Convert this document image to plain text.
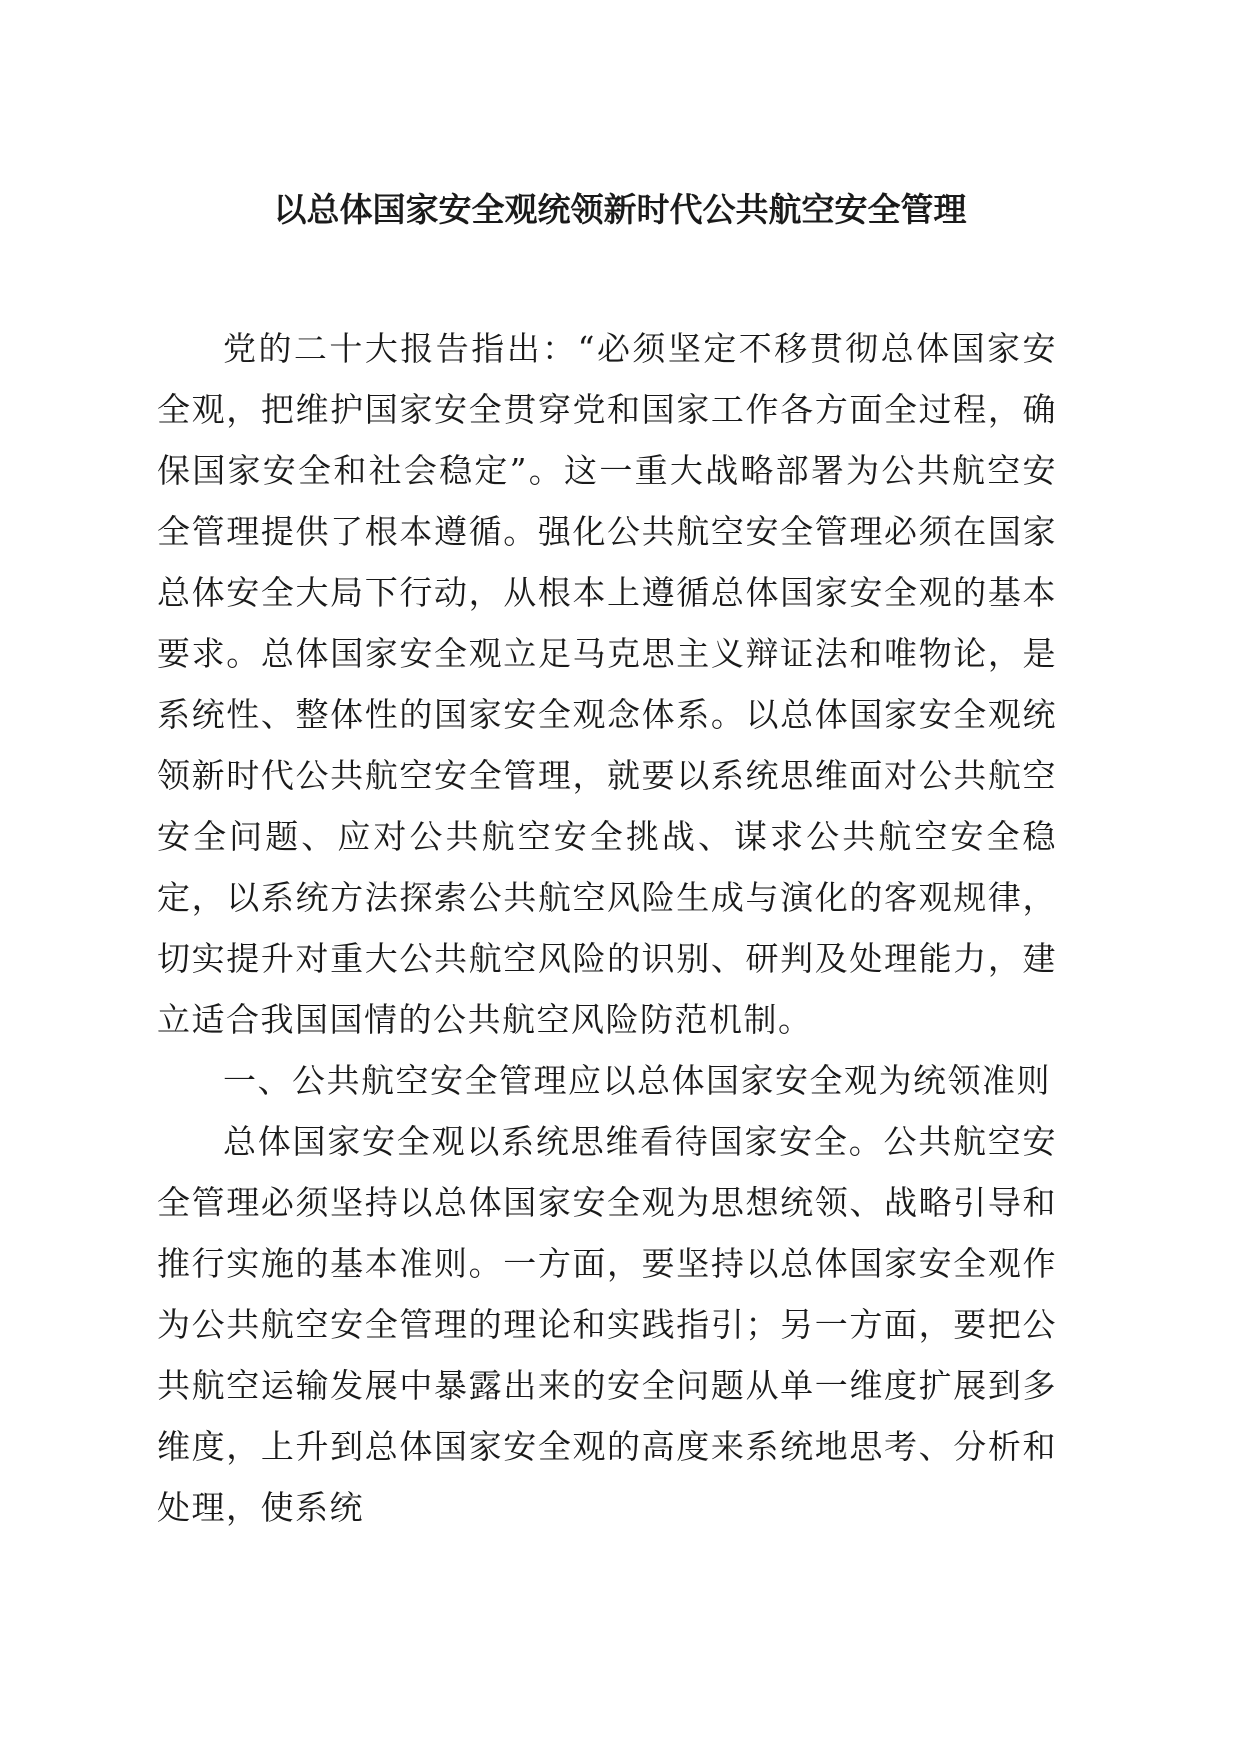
以总体国家安全观统领新时代公共航空安全管理

党的二十大报告指出：“必须坚定不移贯彻总体国家安全观，把维护国家安全贯穿党和国家工作各方面全过程，确保国家安全和社会稳定”。这一重大战略部署为公共航空安全管理提供了根本遵循。强化公共航空安全管理必须在国家总体安全大局下行动，从根本上遵循总体国家安全观的基本要求。总体国家安全观立足马克思主义辩证法和唯物论，是系统性、整体性的国家安全观念体系。以总体国家安全观统领新时代公共航空安全管理，就要以系统思维面对公共航空安全问题、应对公共航空安全挑战、谋求公共航空安全稳定，以系统方法探索公共航空风险生成与演化的客观规律，切实提升对重大公共航空风险的识别、研判及处理能力，建立适合我国国情的公共航空风险防范机制。

一、公共航空安全管理应以总体国家安全观为统领准则

总体国家安全观以系统思维看待国家安全。公共航空安全管理必须坚持以总体国家安全观为思想统领、战略引导和推行实施的基本准则。一方面，要坚持以总体国家安全观作为公共航空安全管理的理论和实践指引；另一方面，要把公共航空运输发展中暴露出来的安全问题从单一维度扩展到多维度，上升到总体国家安全观的高度来系统地思考、分析和处理，使系统
